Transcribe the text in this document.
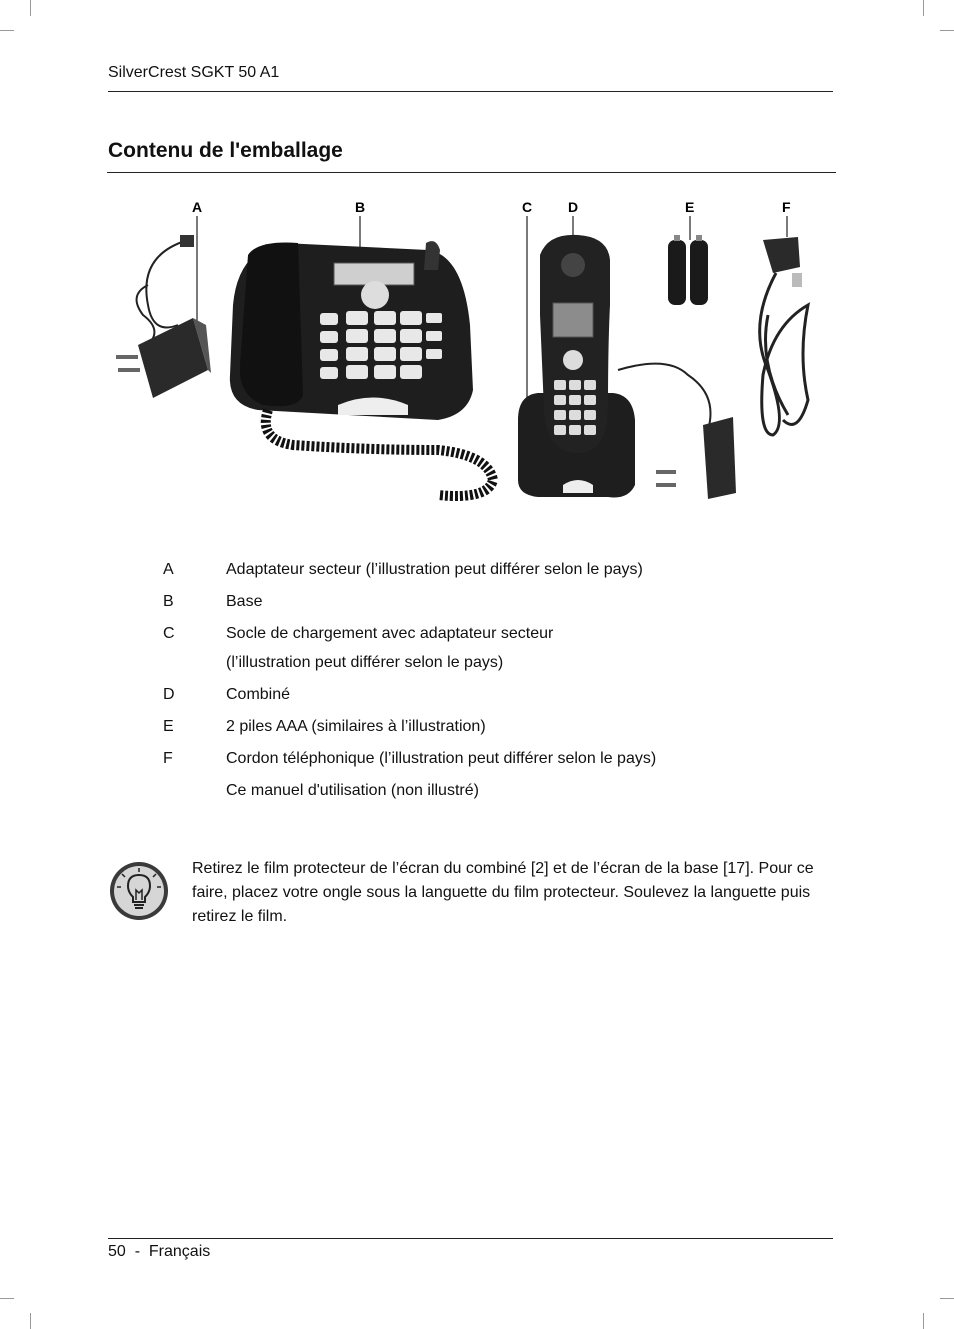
SilverCrest SGKT 50 A1
Contenu de l'emballage
A	B	C	D	E	F
A	Adaptateur secteur (l’illustration peut différer selon le pays)
B	Base
C	Socle de chargement avec adaptateur secteur
(l’illustration peut différer selon le pays)
D	Combiné
E	2 piles AAA (similaires à l’illustration)
F	Cordon téléphonique (l’illustration peut différer selon le pays)
Ce manuel d'utilisation (non illustré)
Retirez le film protecteur de l’écran du combiné [2] et de l’écran de la base [17]. Pour ce faire, placez votre ongle sous la languette du film protecteur. Soulevez la languette puis retirez le film.
50 - Français
